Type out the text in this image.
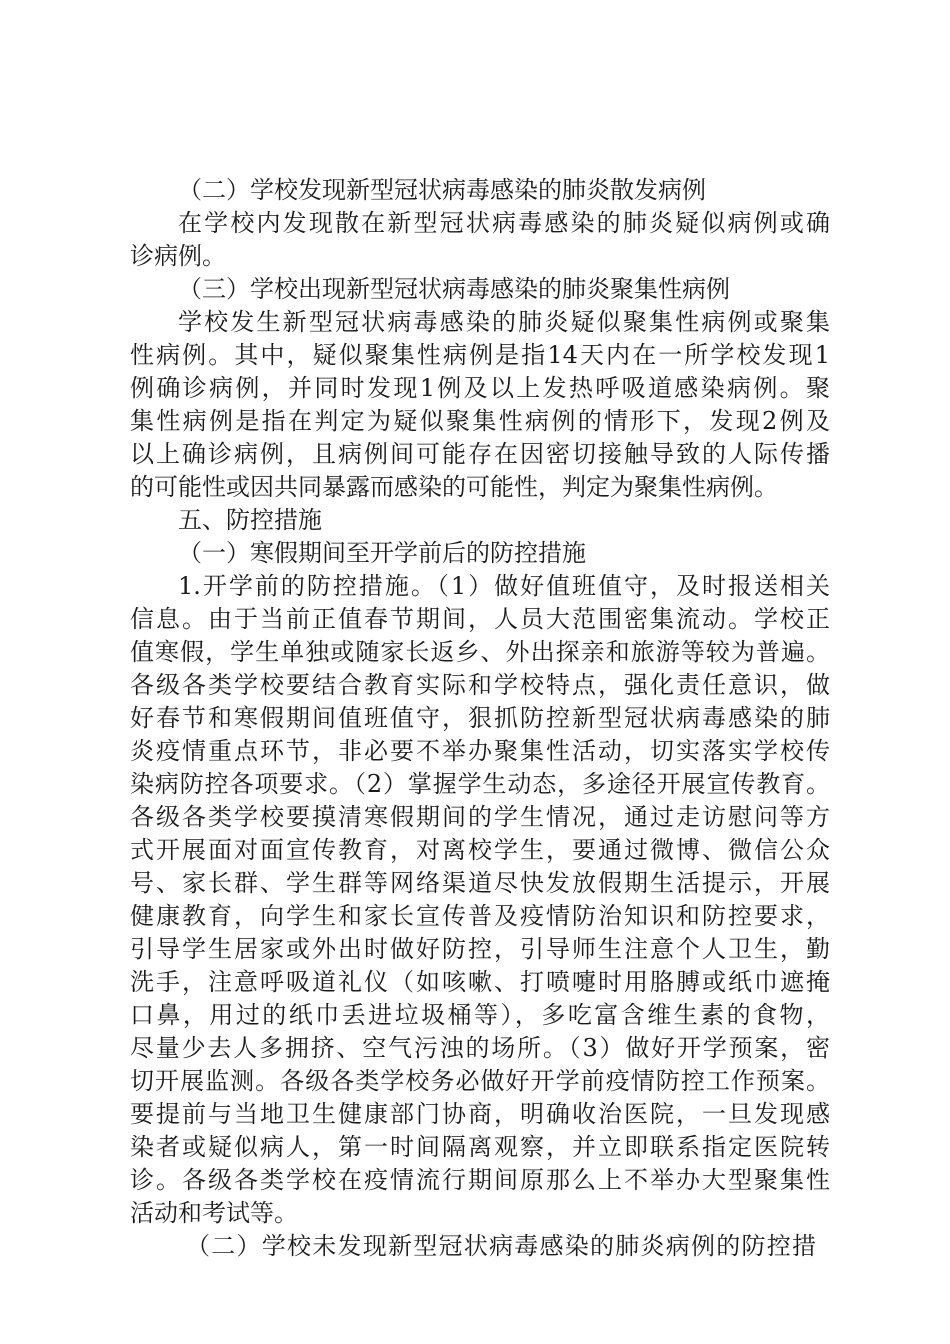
（二）学校发现新型冠状病毒感染的肺炎散发病例
在学校内发现散在新型冠状病毒感染的肺炎疑似病例或确
诊病例。
（三）学校出现新型冠状病毒感染的肺炎聚集性病例
学校发生新型冠状病毒感染的肺炎疑似聚集性病例或聚集
性病例。其中，疑似聚集性病例是指14天内在一所学校发现1
例确诊病例，并同时发现1例及以上发热呼吸道感染病例。聚
集性病例是指在判定为疑似聚集性病例的情形下，发现2例及
以上确诊病例，且病例间可能存在因密切接触导致的人际传播
的可能性或因共同暴露而感染的可能性，判定为聚集性病例。
五、防控措施
（一）寒假期间至开学前后的防控措施
1.开学前的防控措施。（1）做好值班值守，及时报送相关
信息。由于当前正值春节期间，人员大范围密集流动。学校正
值寒假，学生单独或随家长返乡、外出探亲和旅游等较为普遍。
各级各类学校要结合教育实际和学校特点，强化责任意识，做
好春节和寒假期间值班值守，狠抓防控新型冠状病毒感染的肺
炎疫情重点环节，非必要不举办聚集性活动，切实落实学校传
染病防控各项要求。（2）掌握学生动态，多途径开展宣传教育。
各级各类学校要摸清寒假期间的学生情况，通过走访慰问等方
式开展面对面宣传教育，对离校学生，要通过微博、微信公众
号、家长群、学生群等网络渠道尽快发放假期生活提示，开展
健康教育，向学生和家长宣传普及疫情防治知识和防控要求，
引导学生居家或外出时做好防控，引导师生注意个人卫生，勤
洗手，注意呼吸道礼仪（如咳嗽、打喷嚏时用胳膊或纸巾遮掩
口鼻，用过的纸巾丢进垃圾桶等），多吃富含维生素的食物，
尽量少去人多拥挤、空气污浊的场所。（3）做好开学预案，密
切开展监测。各级各类学校务必做好开学前疫情防控工作预案。
要提前与当地卫生健康部门协商，明确收治医院，一旦发现感
染者或疑似病人，第一时间隔离观察，并立即联系指定医院转
诊。各级各类学校在疫情流行期间原那么上不举办大型聚集性
活动和考试等。
（二）学校未发现新型冠状病毒感染的肺炎病例的防控措
